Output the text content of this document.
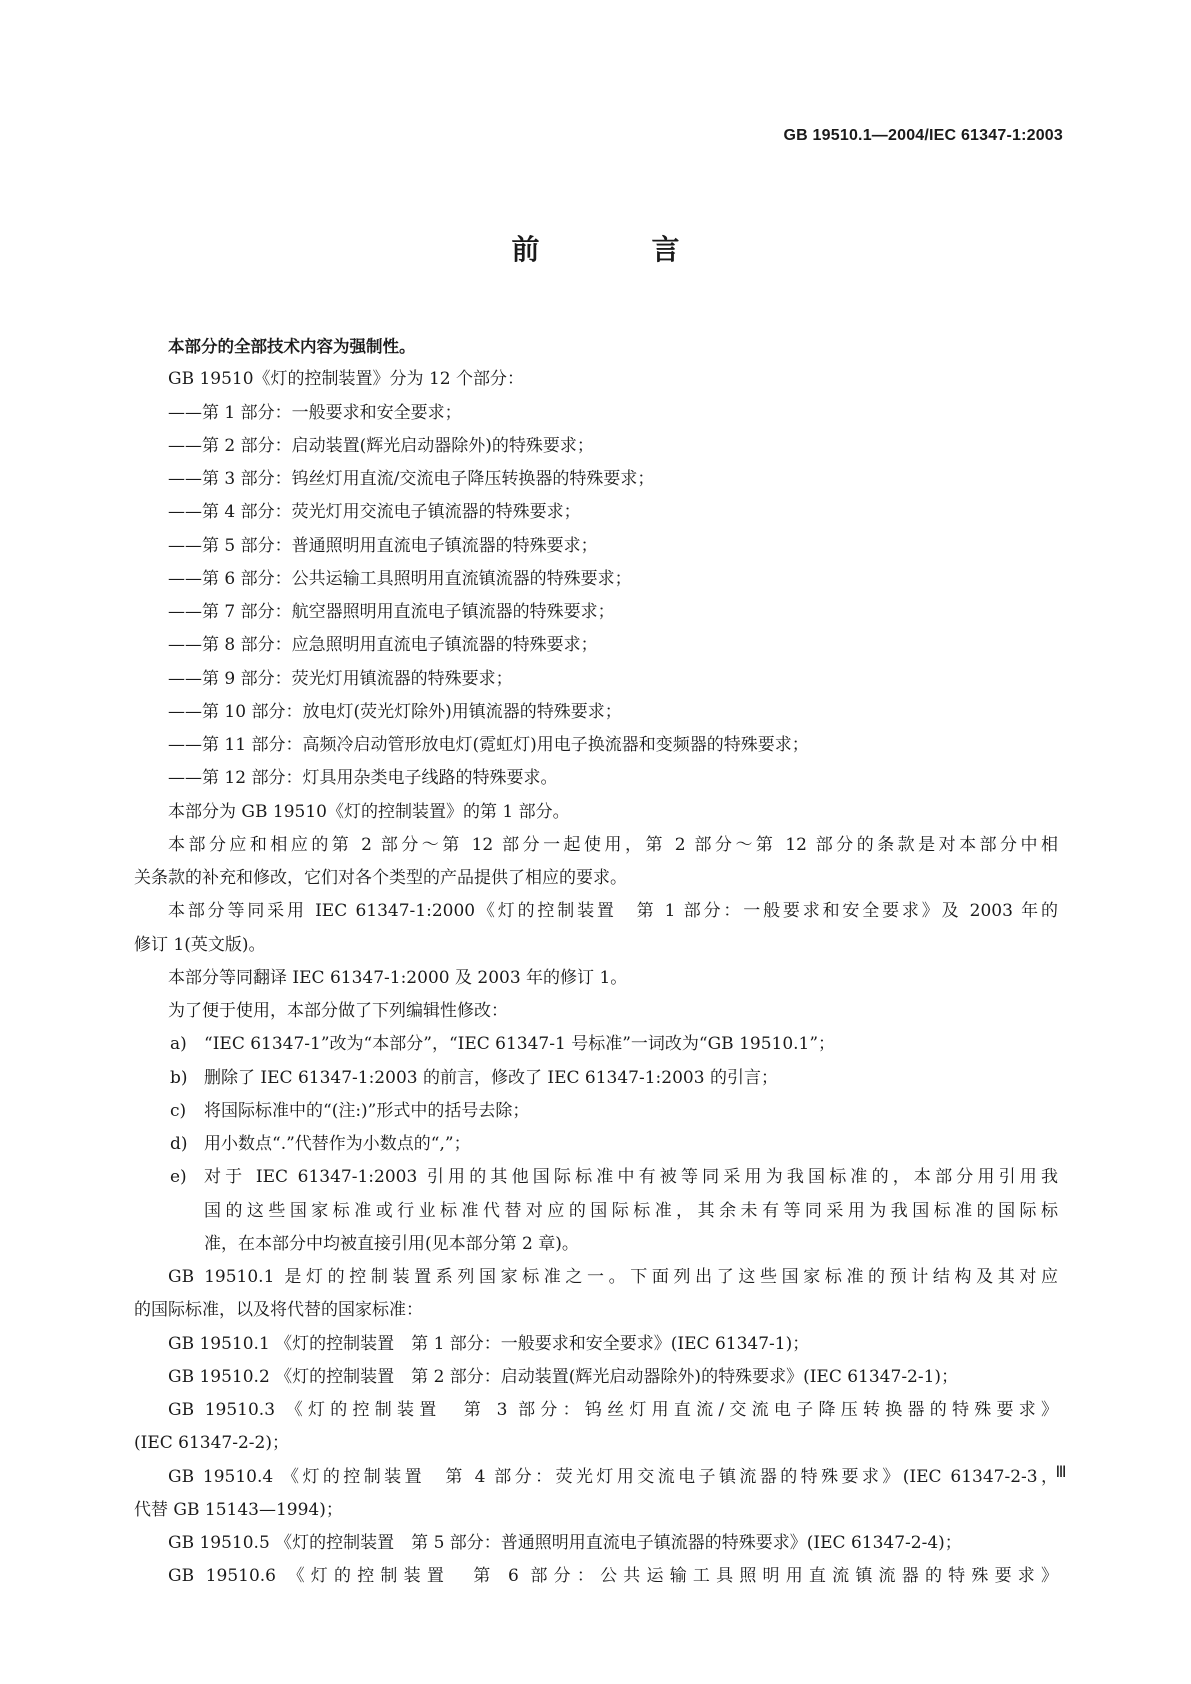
GB 19510.1—2004/IEC 61347-1:2003
前　言
本部分的全部技术内容为强制性。
GB 19510《灯的控制装置》分为 12 个部分：
——第 1 部分：一般要求和安全要求；
——第 2 部分：启动装置(辉光启动器除外)的特殊要求；
——第 3 部分：钨丝灯用直流/交流电子降压转换器的特殊要求；
——第 4 部分：荧光灯用交流电子镇流器的特殊要求；
——第 5 部分：普通照明用直流电子镇流器的特殊要求；
——第 6 部分：公共运输工具照明用直流镇流器的特殊要求；
——第 7 部分：航空器照明用直流电子镇流器的特殊要求；
——第 8 部分：应急照明用直流电子镇流器的特殊要求；
——第 9 部分：荧光灯用镇流器的特殊要求；
——第 10 部分：放电灯(荧光灯除外)用镇流器的特殊要求；
——第 11 部分：高频冷启动管形放电灯(霓虹灯)用电子换流器和变频器的特殊要求；
——第 12 部分：灯具用杂类电子线路的特殊要求。
本部分为 GB 19510《灯的控制装置》的第 1 部分。
本部分应和相应的第 2 部分～第 12 部分一起使用，第 2 部分～第 12 部分的条款是对本部分中相
关条款的补充和修改，它们对各个类型的产品提供了相应的要求。
本部分等同采用 IEC 61347-1:2000《灯的控制装置　第 1 部分：一般要求和安全要求》及 2003 年的
修订 1(英文版)。
本部分等同翻译 IEC 61347-1:2000 及 2003 年的修订 1。
为了便于使用，本部分做了下列编辑性修改：
a) “IEC 61347-1”改为“本部分”，“IEC 61347-1 号标准”一词改为“GB 19510.1”；
b) 删除了 IEC 61347-1:2003 的前言，修改了 IEC 61347-1:2003 的引言；
c) 将国际标准中的“(注:)”形式中的括号去除；
d) 用小数点“.”代替作为小数点的“,”；
e) 对于 IEC 61347-1:2003 引用的其他国际标准中有被等同采用为我国标准的，本部分用引用我
国的这些国家标准或行业标准代替对应的国际标准，其余未有等同采用为我国标准的国际标
准，在本部分中均被直接引用(见本部分第 2 章)。
GB 19510.1 是灯的控制装置系列国家标准之一。下面列出了这些国家标准的预计结构及其对应
的国际标准，以及将代替的国家标准：
GB 19510.1 《灯的控制装置　第 1 部分：一般要求和安全要求》(IEC 61347-1)；
GB 19510.2 《灯的控制装置　第 2 部分：启动装置(辉光启动器除外)的特殊要求》(IEC 61347-2-1)；
GB 19510.3 《灯的控制装置　第 3 部分：钨丝灯用直流/交流电子降压转换器的特殊要求》
(IEC 61347-2-2)；
GB 19510.4 《灯的控制装置　第 4 部分：荧光灯用交流电子镇流器的特殊要求》(IEC 61347-2-3，
代替 GB 15143—1994)；
GB 19510.5 《灯的控制装置　第 5 部分：普通照明用直流电子镇流器的特殊要求》(IEC 61347-2-4)；
GB 19510.6 《灯的控制装置　第 6 部分：公共运输工具照明用直流镇流器的特殊要求》
Ⅲ
